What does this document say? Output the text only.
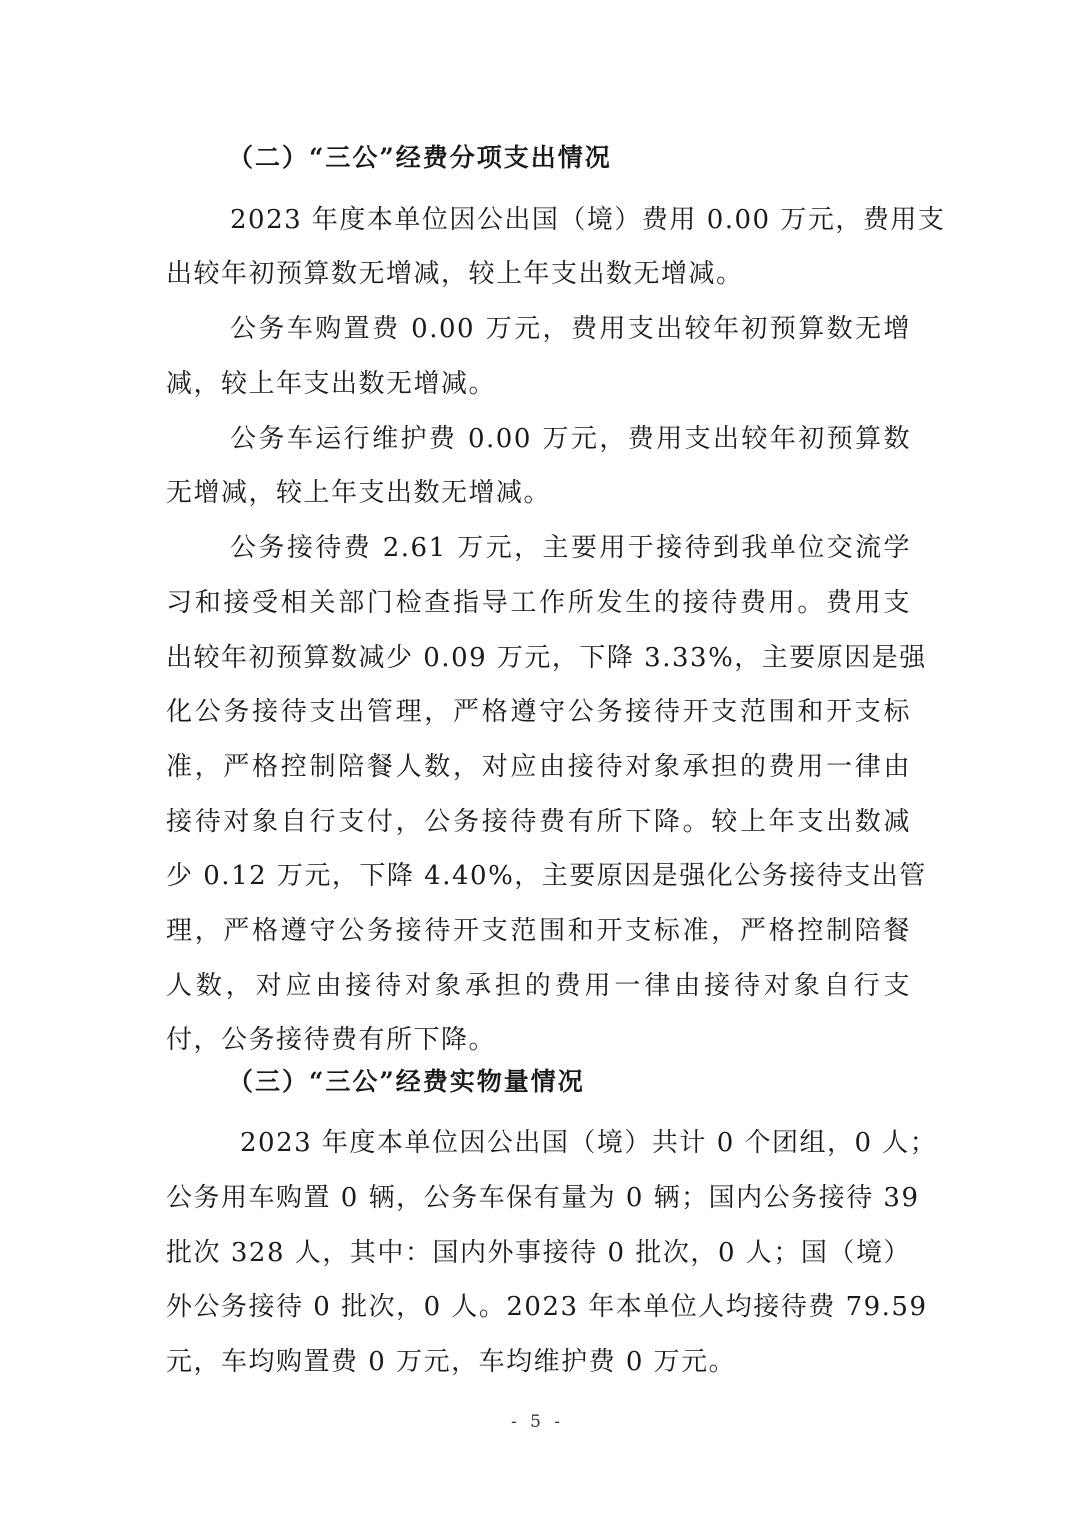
（二）“三公”经费分项支出情况
2023 年度本单位因公出国（境）费用 0.00 万元，费用支
出较年初预算数无增减，较上年支出数无增减。
公务车购置费 0.00 万元，费用支出较年初预算数无增
减，较上年支出数无增减。
公务车运行维护费 0.00 万元，费用支出较年初预算数
无增减，较上年支出数无增减。
公务接待费 2.61 万元，主要用于接待到我单位交流学
习和接受相关部门检查指导工作所发生的接待费用。费用支
出较年初预算数减少 0.09 万元，下降 3.33%，主要原因是强
化公务接待支出管理，严格遵守公务接待开支范围和开支标
准，严格控制陪餐人数，对应由接待对象承担的费用一律由
接待对象自行支付，公务接待费有所下降。较上年支出数减
少 0.12 万元，下降 4.40%，主要原因是强化公务接待支出管
理，严格遵守公务接待开支范围和开支标准，严格控制陪餐
人数，对应由接待对象承担的费用一律由接待对象自行支
付，公务接待费有所下降。
（三）“三公”经费实物量情况
2023 年度本单位因公出国（境）共计 0 个团组，0 人；
公务用车购置 0 辆，公务车保有量为 0 辆；国内公务接待 39
批次 328 人，其中：国内外事接待 0 批次，0 人；国（境）
外公务接待 0 批次，0 人。2023 年本单位人均接待费 79.59
元，车均购置费 0 万元，车均维护费 0 万元。
- 5 -
